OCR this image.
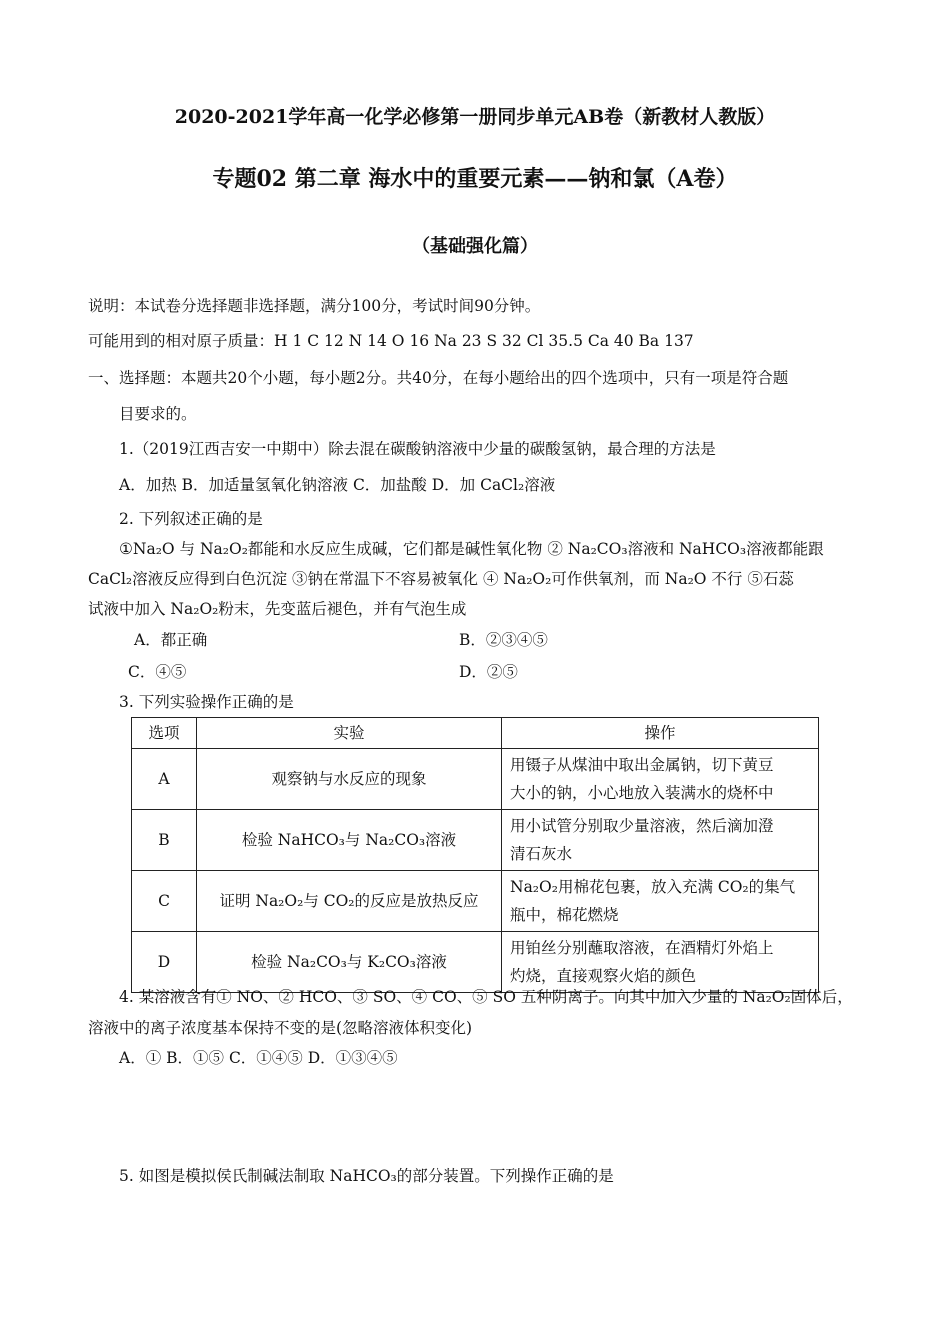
2020-2021学年高一化学必修第一册同步单元AB卷（新教材人教版）
专题02 第二章 海水中的重要元素——钠和氯（A卷）
（基础强化篇）
说明：本试卷分选择题非选择题，满分100分，考试时间90分钟。
可能用到的相对原子质量：H 1 C 12 N 14 O 16 Na 23 S 32 Cl 35.5 Ca 40 Ba 137
一、选择题：本题共20个小题，每小题2分。共40分，在每小题给出的四个选项中，只有一项是符合题
目要求的。
1.（2019江西吉安一中期中）除去混在碳酸钠溶液中少量的碳酸氢钠，最合理的方法是
A．加热 B．加适量氢氧化钠溶液 C．加盐酸 D．加 CaCl₂溶液
2. 下列叙述正确的是
①Na₂O 与 Na₂O₂都能和水反应生成碱，它们都是碱性氧化物 ② Na₂CO₃溶液和 NaHCO₃溶液都能跟
CaCl₂溶液反应得到白色沉淀 ③钠在常温下不容易被氧化 ④ Na₂O₂可作供氧剂，而 Na₂O 不行 ⑤石蕊
试液中加入 Na₂O₂粉末，先变蓝后褪色，并有气泡生成
A．都正确	B．②③④⑤
C．④⑤	D．②⑤
3. 下列实验操作正确的是
选项	实验	操作
A	观察钠与水反应的现象	用镊子从煤油中取出金属钠，切下黄豆
大小的钠，小心地放入装满水的烧杯中

B	检验 NaHCO₃与 Na₂CO₃溶液	用小试管分别取少量溶液，然后滴加澄
清石灰水

C	证明 Na₂O₂与 CO₂的反应是放热反应	Na₂O₂用棉花包裹，放入充满 CO₂的集气
瓶中，棉花燃烧

D	检验 Na₂CO₃与 K₂CO₃溶液	用铂丝分别蘸取溶液，在酒精灯外焰上
灼烧，直接观察火焰的颜色
4. 某溶液含有① NO、② HCO、③ SO、④ CO、⑤ SO 五种阴离子。向其中加入少量的 Na₂O₂固体后，
溶液中的离子浓度基本保持不变的是(忽略溶液体积变化)
A．① B．①⑤ C．①④⑤ D．①③④⑤
5. 如图是模拟侯氏制碱法制取 NaHCO₃的部分装置。下列操作正确的是
